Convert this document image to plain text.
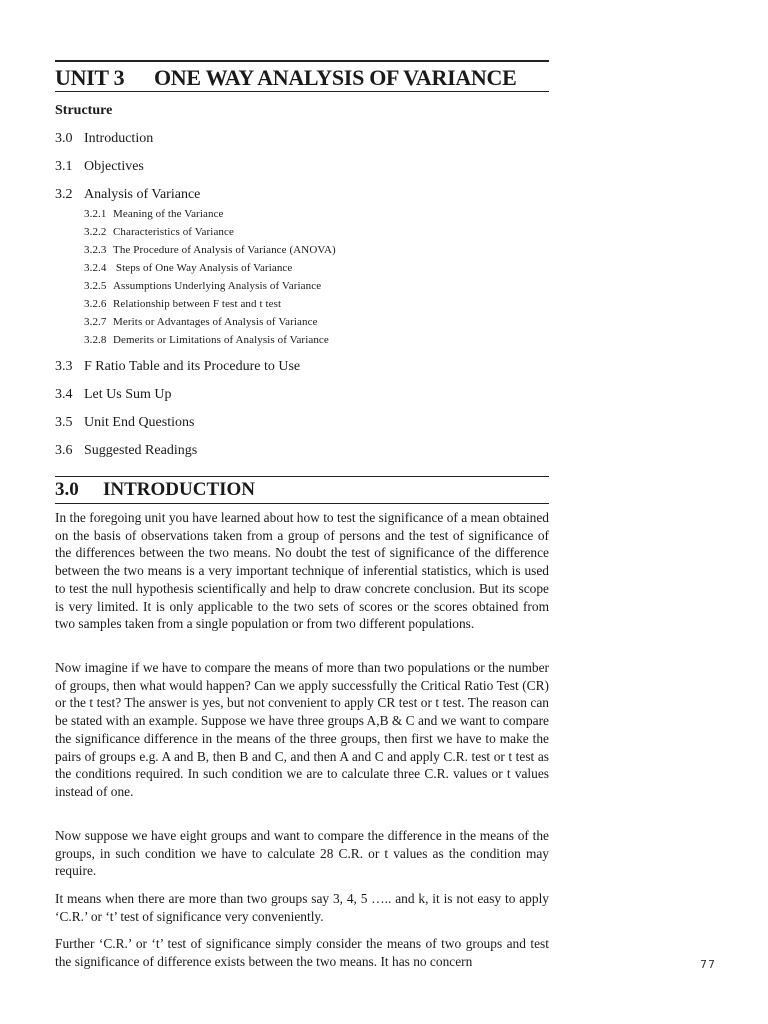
UNIT 3 ONE WAY ANALYSIS OF VARIANCE
Structure
3.0 Introduction
3.1 Objectives
3.2 Analysis of Variance
3.2.1 Meaning of the Variance
3.2.2 Characteristics of Variance
3.2.3 The Procedure of Analysis of Variance (ANOVA)
3.2.4 Steps of One Way Analysis of Variance
3.2.5 Assumptions Underlying Analysis of Variance
3.2.6 Relationship between F test and t test
3.2.7 Merits or Advantages of Analysis of Variance
3.2.8 Demerits or Limitations of Analysis of Variance
3.3 F Ratio Table and its Procedure to Use
3.4 Let Us Sum Up
3.5 Unit End Questions
3.6 Suggested Readings
3.0 INTRODUCTION

In the foregoing unit you have learned about how to test the significance of a mean obtained on the basis of observations taken from a group of persons and the test of significance of the differences between the two means. No doubt the test of significance of the difference between the two means is a very important technique of inferential statistics, which is used to test the null hypothesis scientifically and help to draw concrete conclusion. But its scope is very limited. It is only applicable to the two sets of scores or the scores obtained from two samples taken from a single population or from two different populations.

Now imagine if we have to compare the means of more than two populations or the number of groups, then what would happen? Can we apply successfully the Critical Ratio Test (CR) or the t test? The answer is yes, but not convenient to apply CR test or t test. The reason can be stated with an example. Suppose we have three groups A,B & C and we want to compare the significance difference in the means of the three groups, then first we have to make the pairs of groups e.g. A and B, then B and C, and then A and C and apply C.R. test or t test as the conditions required. In such condition we are to calculate three C.R. values or t values instead of one.

Now suppose we have eight groups and want to compare the difference in the means of the groups, in such condition we have to calculate 28 C.R. or t values as the condition may require.

It means when there are more than two groups say 3, 4, 5 ….. and k, it is not easy to apply ‘C.R.’ or ‘t’ test of significance very conveniently.

Further ‘C.R.’ or ‘t’ test of significance simply consider the means of two groups and test the significance of difference exists between the two means. It has no concern	77
